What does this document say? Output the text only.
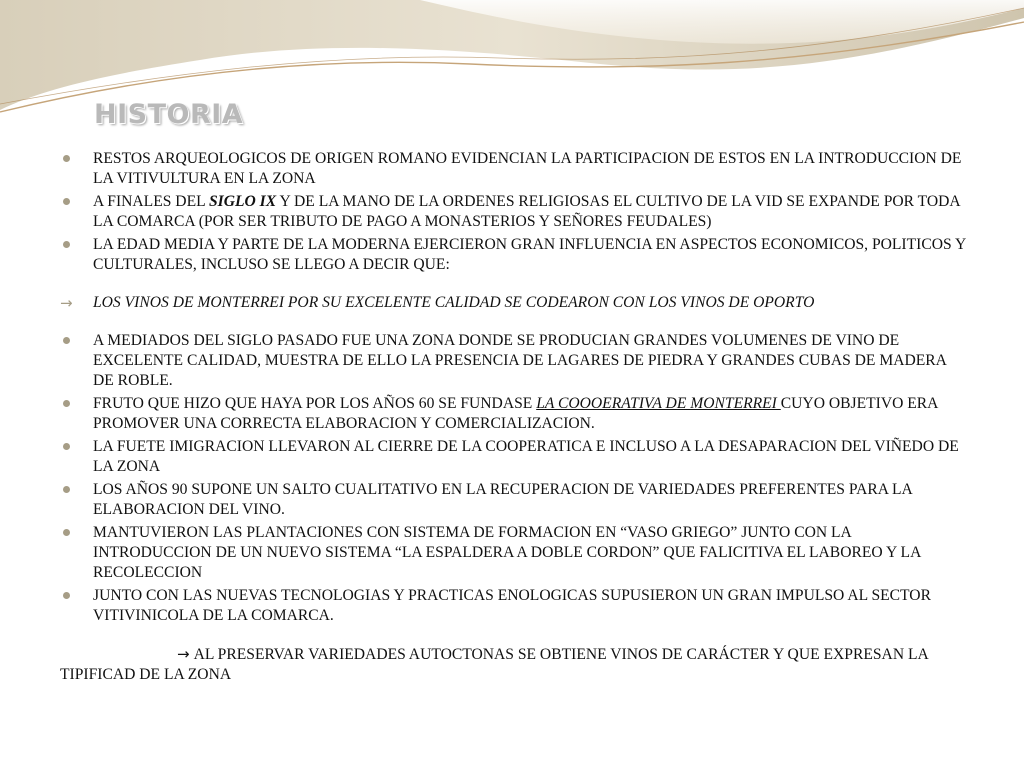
HISTORIA
RESTOS ARQUEOLOGICOS DE ORIGEN ROMANO EVIDENCIAN LA PARTICIPACION DE ESTOS EN LA INTRODUCCION DE LA VITIVULTURA EN LA ZONA
A FINALES DEL SIGLO IX Y DE LA MANO DE LA ORDENES RELIGIOSAS EL CULTIVO DE LA VID SE EXPANDE POR TODA LA COMARCA (POR SER TRIBUTO DE PAGO A MONASTERIOS Y SEÑORES FEUDALES)
LA EDAD MEDIA Y PARTE DE LA MODERNA EJERCIERON GRAN INFLUENCIA EN ASPECTOS ECONOMICOS, POLITICOS Y CULTURALES, INCLUSO SE LLEGO A DECIR QUE:
→ LOS VINOS DE MONTERREI POR SU EXCELENTE CALIDAD SE CODEARON CON LOS VINOS DE OPORTO
A MEDIADOS DEL SIGLO PASADO FUE UNA ZONA DONDE SE PRODUCIAN GRANDES VOLUMENES DE VINO DE EXCELENTE CALIDAD, MUESTRA DE ELLO LA PRESENCIA DE LAGARES DE PIEDRA Y GRANDES CUBAS DE MADERA DE ROBLE.
FRUTO QUE HIZO QUE HAYA POR LOS AÑOS 60 SE FUNDASE LA COOOERATIVA DE MONTERREI CUYO OBJETIVO ERA PROMOVER UNA CORRECTA ELABORACION Y COMERCIALIZACION.
LA FUETE IMIGRACION LLEVARON AL CIERRE DE LA COOPERATICA E INCLUSO A LA DESAPARACION DEL VIÑEDO DE LA ZONA
LOS AÑOS 90 SUPONE UN SALTO CUALITATIVO EN LA RECUPERACION DE VARIEDADES PREFERENTES PARA LA ELABORACION DEL VINO.
MANTUVIERON LAS PLANTACIONES CON SISTEMA DE FORMACION EN “VASO GRIEGO” JUNTO CON LA INTRODUCCION DE UN NUEVO SISTEMA “LA ESPALDERA A DOBLE CORDON” QUE FALICITIVA EL LABOREO Y LA RECOLECCION
JUNTO CON LAS NUEVAS TECNOLOGIAS Y PRACTICAS ENOLOGICAS SUPUSIERON UN GRAN IMPULSO AL SECTOR VITIVINICOLA DE LA COMARCA.
→ AL PRESERVAR VARIEDADES AUTOCTONAS SE OBTIENE VINOS DE CARÁCTER Y QUE EXPRESAN LA TIPIFICAD DE LA ZONA
